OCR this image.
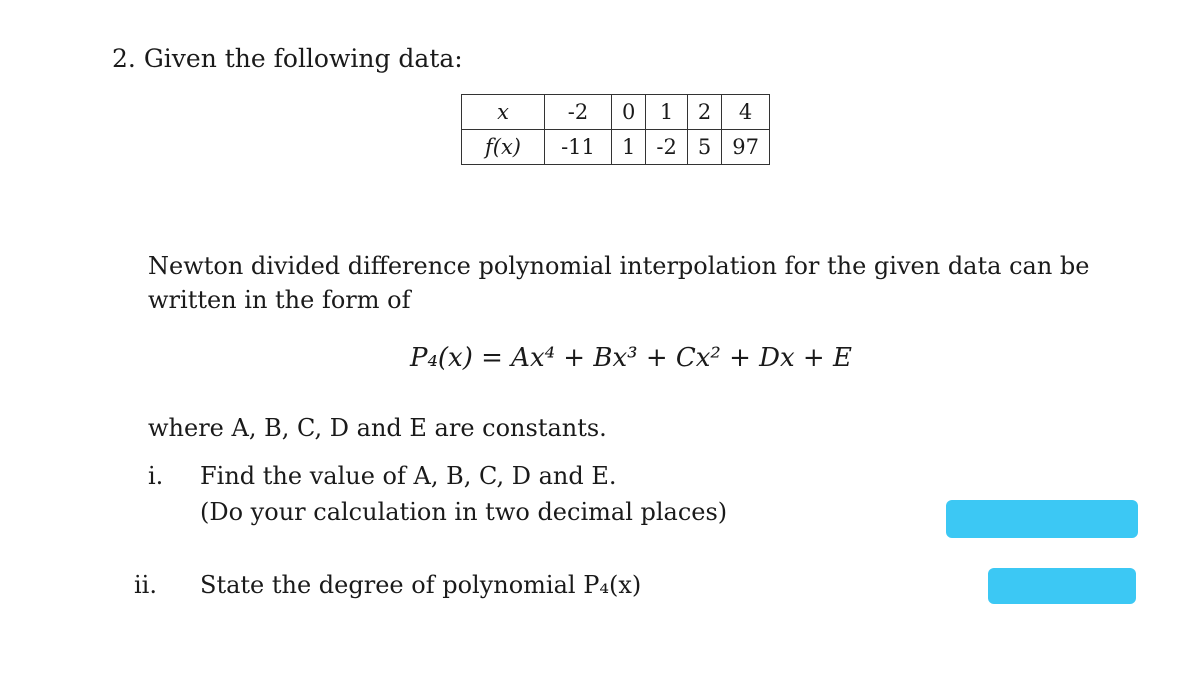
2. Given the following data:
x	-2	0	1	2	4
f(x)	-11	1	-2	5	97
Newton divided difference polynomial interpolation for the given data can be
written in the form of
P₄(x) = Ax⁴ + Bx³ + Cx² + Dx + E
where A, B, C, D and E are constants.
i. Find the value of A, B, C, D and E.
(Do your calculation in two decimal places)
ii. State the degree of polynomial P₄(x)
